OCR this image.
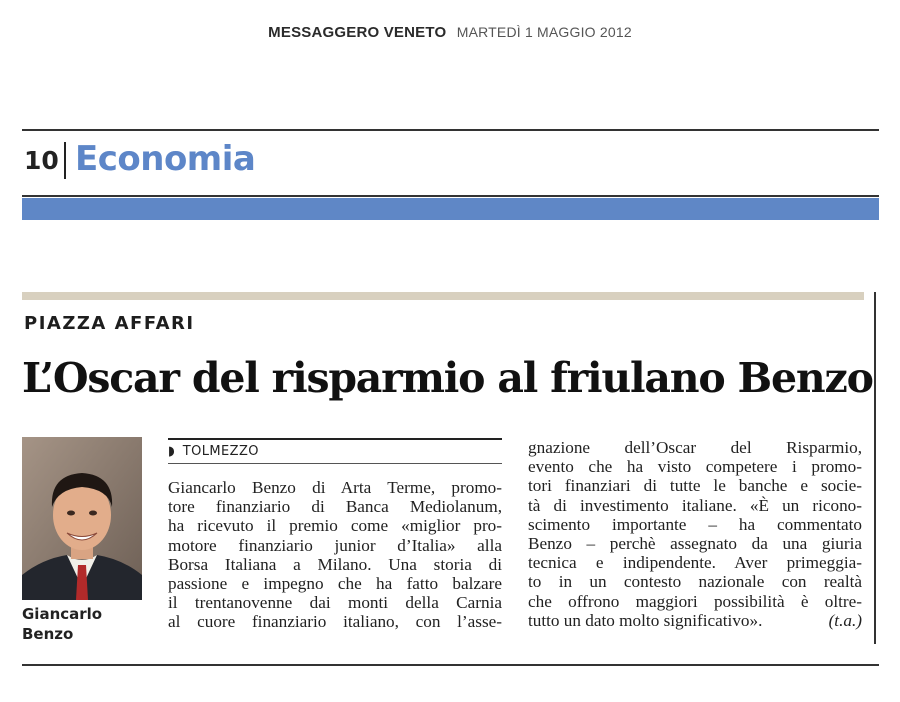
MESSAGGERO VENETO MARTEDÌ 1 MAGGIO 2012
10 Economia
PIAZZA AFFARI
L’Oscar del risparmio al friulano Benzo
Giancarlo
Benzo
◗ TOLMEZZO
Giancarlo Benzo di Arta Terme, promo-
tore finanziario di Banca Mediolanum,
ha ricevuto il premio come «miglior pro-
motore finanziario junior d’Italia» alla
Borsa Italiana a Milano. Una storia di
passione e impegno che ha fatto balzare
il trentanovenne dai monti della Carnia
al cuore finanziario italiano, con l’asse-
gnazione dell’Oscar del Risparmio,
evento che ha visto competere i promo-
tori finanziari di tutte le banche e socie-
tà di investimento italiane. «È un ricono-
scimento importante – ha commentato
Benzo – perchè assegnato da una giuria
tecnica e indipendente. Aver primeggia-
to in un contesto nazionale con realtà
che offrono maggiori possibilità è oltre-
tutto un dato molto significativo».	(t.a.)
